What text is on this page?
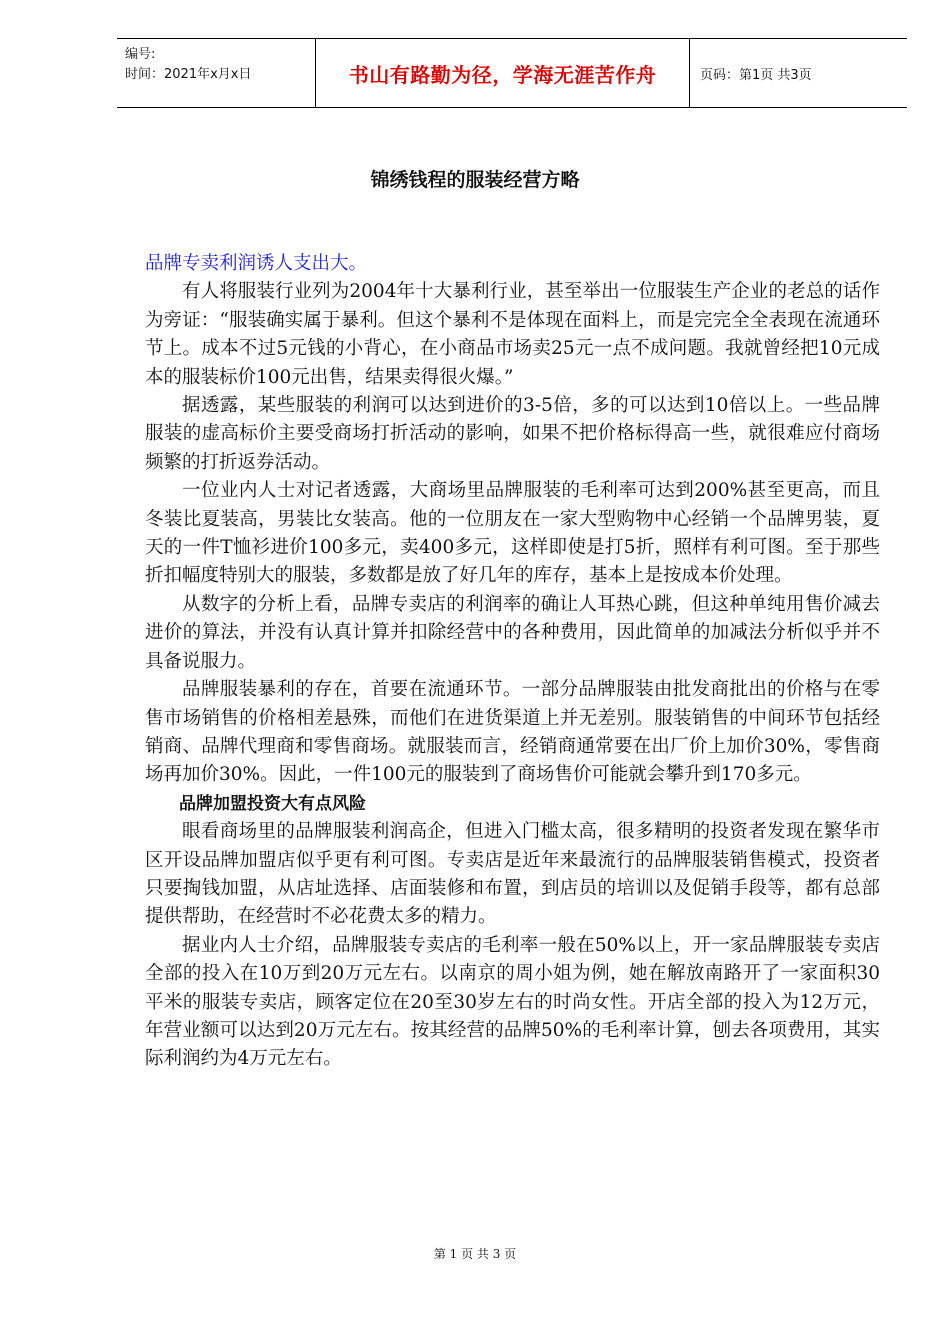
编号:
时间：2021年x月x日	书山有路勤为径，学海无涯苦作舟	页码：第1页 共3页
锦绣钱程的服装经营方略

品牌专卖利润诱人支出大。

有人将服装行业列为2004年十大暴利行业，甚至举出一位服装生产企业的老总的话作为旁证：“服装确实属于暴利。但这个暴利不是体现在面料上，而是完完全全表现在流通环节上。成本不过5元钱的小背心，在小商品市场卖25元一点不成问题。我就曾经把10元成本的服装标价100元出售，结果卖得很火爆。”

据透露，某些服装的利润可以达到进价的3-5倍，多的可以达到10倍以上。一些品牌服装的虚高标价主要受商场打折活动的影响，如果不把价格标得高一些，就很难应付商场频繁的打折返券活动。

一位业内人士对记者透露，大商场里品牌服装的毛利率可达到200%甚至更高，而且冬装比夏装高，男装比女装高。他的一位朋友在一家大型购物中心经销一个品牌男装，夏天的一件T恤衫进价100多元，卖400多元，这样即使是打5折，照样有利可图。至于那些折扣幅度特别大的服装，多数都是放了好几年的库存，基本上是按成本价处理。

从数字的分析上看，品牌专卖店的利润率的确让人耳热心跳，但这种单纯用售价减去进价的算法，并没有认真计算并扣除经营中的各种费用，因此简单的加减法分析似乎并不具备说服力。

品牌服装暴利的存在，首要在流通环节。一部分品牌服装由批发商批出的价格与在零售市场销售的价格相差悬殊，而他们在进货渠道上并无差别。服装销售的中间环节包括经销商、品牌代理商和零售商场。就服装而言，经销商通常要在出厂价上加价30%，零售商场再加价30%。因此，一件100元的服装到了商场售价可能就会攀升到170多元。

品牌加盟投资大有点风险

眼看商场里的品牌服装利润高企，但进入门槛太高，很多精明的投资者发现在繁华市区开设品牌加盟店似乎更有利可图。专卖店是近年来最流行的品牌服装销售模式，投资者只要掏钱加盟，从店址选择、店面装修和布置，到店员的培训以及促销手段等，都有总部提供帮助，在经营时不必花费太多的精力。

据业内人士介绍，品牌服装专卖店的毛利率一般在50%以上，开一家品牌服装专卖店全部的投入在10万到20万元左右。以南京的周小姐为例，她在解放南路开了一家面积30平米的服装专卖店，顾客定位在20至30岁左右的时尚女性。开店全部的投入为12万元，年营业额可以达到20万元左右。按其经营的品牌50%的毛利率计算，刨去各项费用，其实际利润约为4万元左右。

第 1 页 共 3 页
